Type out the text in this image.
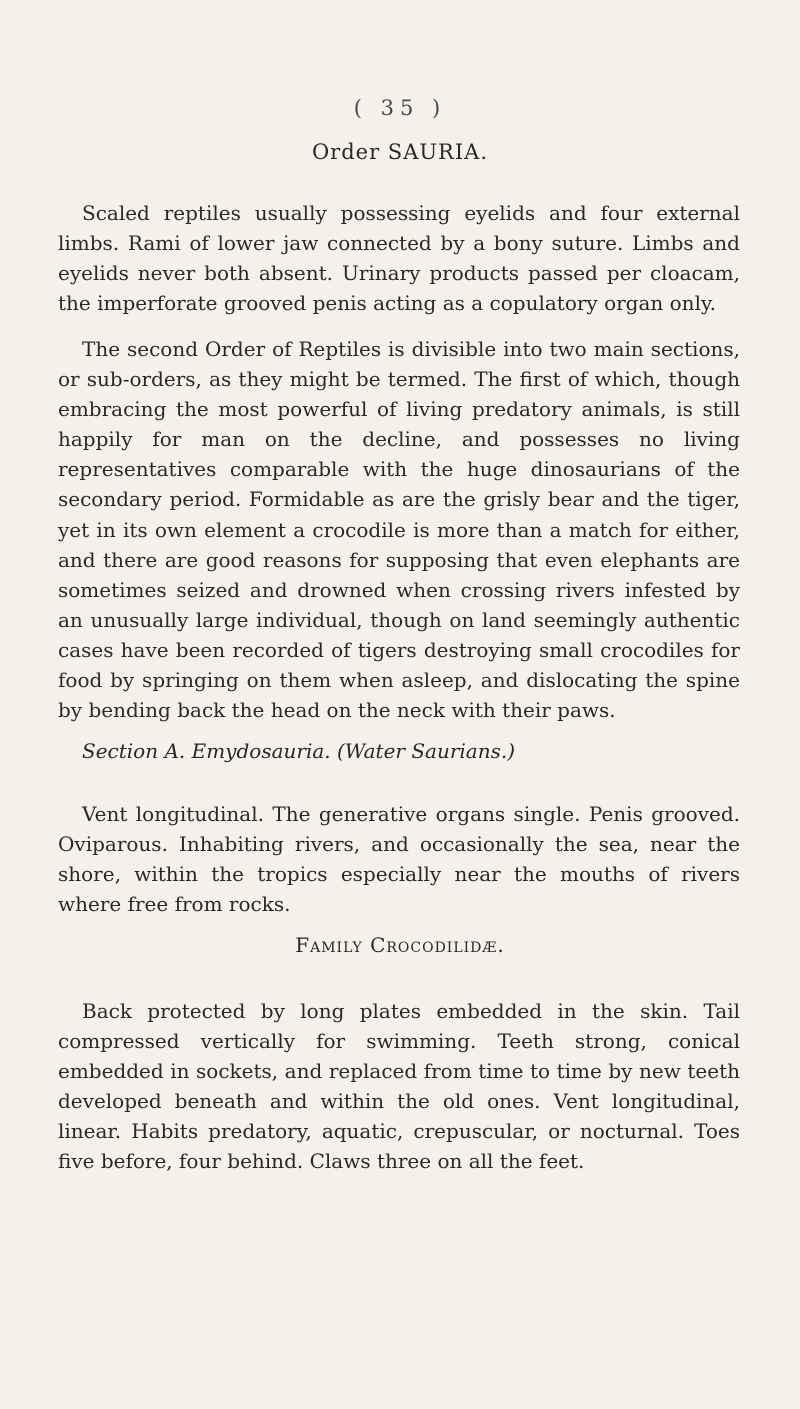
( 35 )
Order SAURIA.

Scaled reptiles usually possessing eyelids and four external limbs. Rami of lower jaw connected by a bony suture. Limbs and eyelids never both absent. Urinary products passed per cloacam, the imperforate grooved penis acting as a copulatory organ only.

The second Order of Reptiles is divisible into two main sections, or sub-orders, as they might be termed. The first of which, though embracing the most powerful of living predatory animals, is still happily for man on the decline, and possesses no living representatives comparable with the huge dinosaurians of the secondary period. Formidable as are the grisly bear and the tiger, yet in its own element a crocodile is more than a match for either, and there are good reasons for supposing that even elephants are sometimes seized and drowned when crossing rivers infested by an unusually large individual, though on land seemingly authentic cases have been recorded of tigers destroying small crocodiles for food by springing on them when asleep, and dislocating the spine by bending back the head on the neck with their paws.

Section A. Emydosauria. (Water Saurians.)

Vent longitudinal. The generative organs single. Penis grooved. Oviparous. Inhabiting rivers, and occasionally the sea, near the shore, within the tropics especially near the mouths of rivers where free from rocks.

Family Crocodilidæ.

Back protected by long plates embedded in the skin. Tail compressed vertically for swimming. Teeth strong, conical embedded in sockets, and replaced from time to time by new teeth developed beneath and within the old ones. Vent longitudinal, linear. Habits predatory, aquatic, crepuscular, or nocturnal. Toes five before, four behind. Claws three on all the feet.
